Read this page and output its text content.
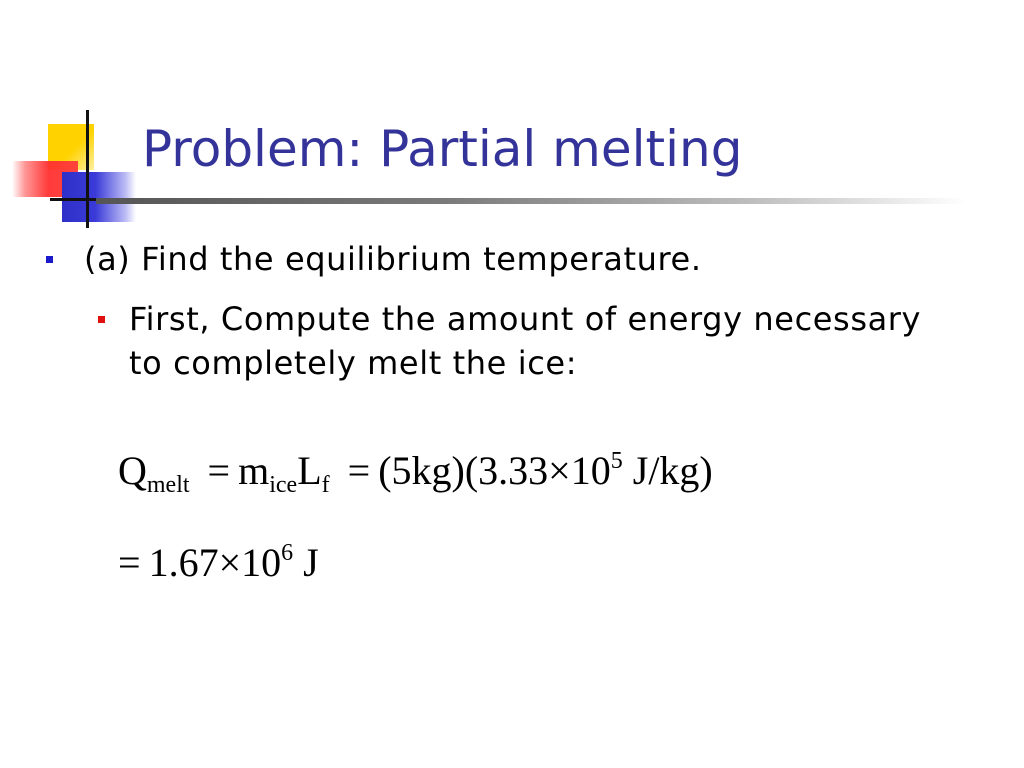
Problem: Partial melting
(a) Find the equilibrium temperature.
First, Compute the amount of energy necessary to completely melt the ice:
$Q_{melt} = m_{ice}L_f = (5kg)(3.33\times 10^5$ J/kg)
= $1.67\times 10^6$ J
